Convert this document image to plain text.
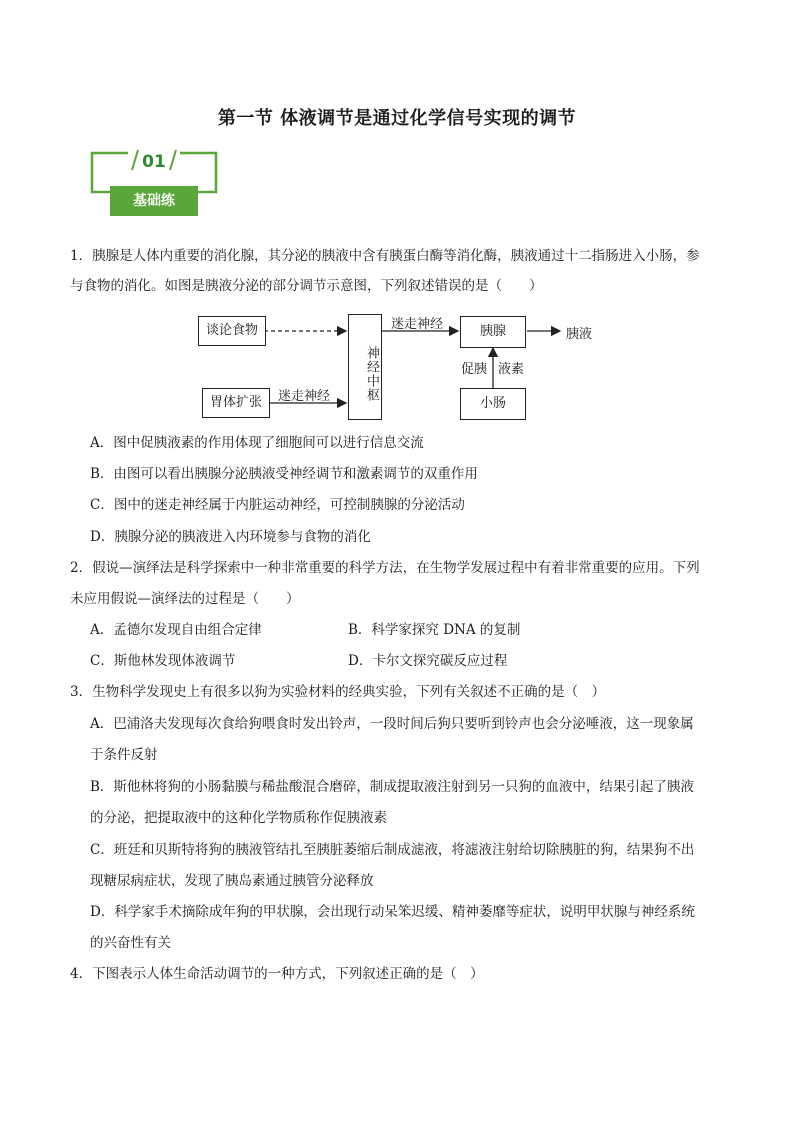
第一节 体液调节是通过化学信号实现的调节
01
基础练
1．胰腺是人体内重要的消化腺，其分泌的胰液中含有胰蛋白酶等消化酶，胰液通过十二指肠进入小肠，参
与食物的消化。如图是胰液分泌的部分调节示意图，下列叙述错误的是（　　）
谈论食物
胃体扩张
神经中枢
胰腺
小肠
迷走神经
迷走神经
胰液
促胰 液素
A．图中促胰液素的作用体现了细胞间可以进行信息交流
B．由图可以看出胰腺分泌胰液受神经调节和激素调节的双重作用
C．图中的迷走神经属于内脏运动神经，可控制胰腺的分泌活动
D．胰腺分泌的胰液进入内环境参与食物的消化
2．假说—演绎法是科学探索中一种非常重要的科学方法，在生物学发展过程中有着非常重要的应用。下列
未应用假说—演绎法的过程是（　　）
A．孟德尔发现自由组合定律	B．科学家探究 DNA 的复制
C．斯他林发现体液调节	D．卡尔文探究碳反应过程
3．生物科学发现史上有很多以狗为实验材料的经典实验，下列有关叙述不正确的是（　）
A．巴浦洛夫发现每次食给狗喂食时发出铃声，一段时间后狗只要听到铃声也会分泌唾液，这一现象属
于条件反射
B．斯他林将狗的小肠黏膜与稀盐酸混合磨碎，制成提取液注射到另一只狗的血液中，结果引起了胰液
的分泌，把提取液中的这种化学物质称作促胰液素
C．班廷和贝斯特将狗的胰液管结扎至胰脏萎缩后制成滤液，将滤液注射给切除胰脏的狗，结果狗不出
现糖尿病症状，发现了胰岛素通过胰管分泌释放
D．科学家手术摘除成年狗的甲状腺，会出现行动呆笨迟缓、精神萎靡等症状，说明甲状腺与神经系统
的兴奋性有关
4．下图表示人体生命活动调节的一种方式，下列叙述正确的是（　）
